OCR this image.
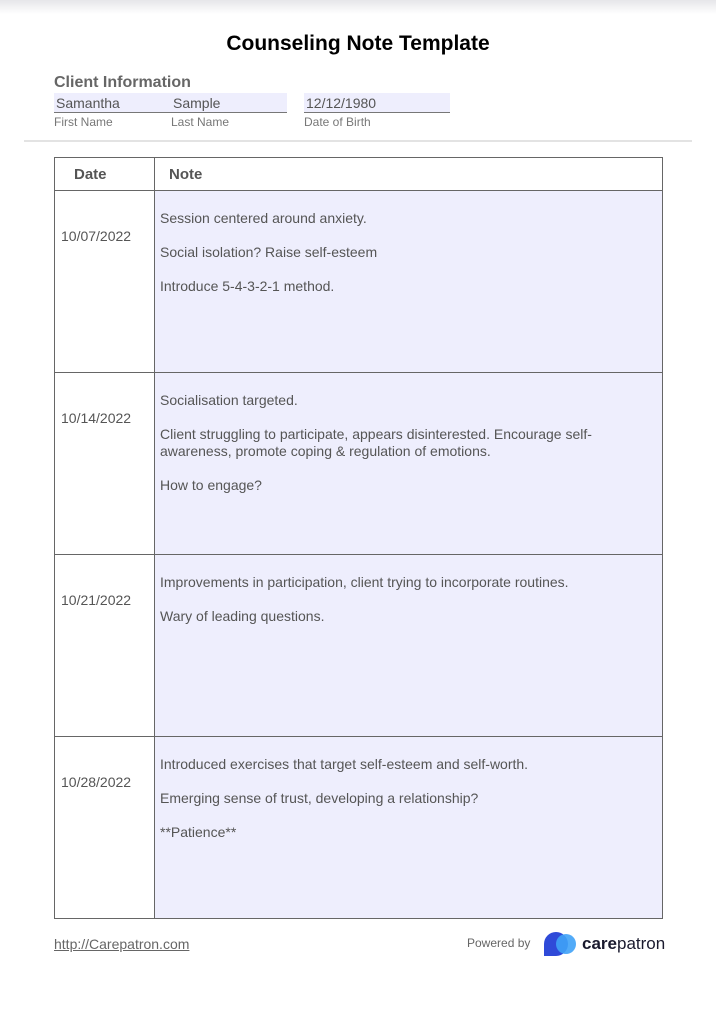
Counseling Note Template
Client Information
Samantha
First Name
Sample
Last Name
12/12/1980
Date of Birth
Date	Note
10/07/2022	Session centered around anxiety.

Social isolation? Raise self-esteem

Introduce 5-4-3-2-1 method.

10/14/2022	Socialisation targeted.

Client struggling to participate, appears disinterested. Encourage self-awareness, promote coping & regulation of emotions.

How to engage?

10/21/2022	Improvements in participation, client trying to incorporate routines.

Wary of leading questions.

10/28/2022	Introduced exercises that target self-esteem and self-worth.

Emerging sense of trust, developing a relationship?

**Patience**

http://Carepatron.com	Powered by	carepatron
